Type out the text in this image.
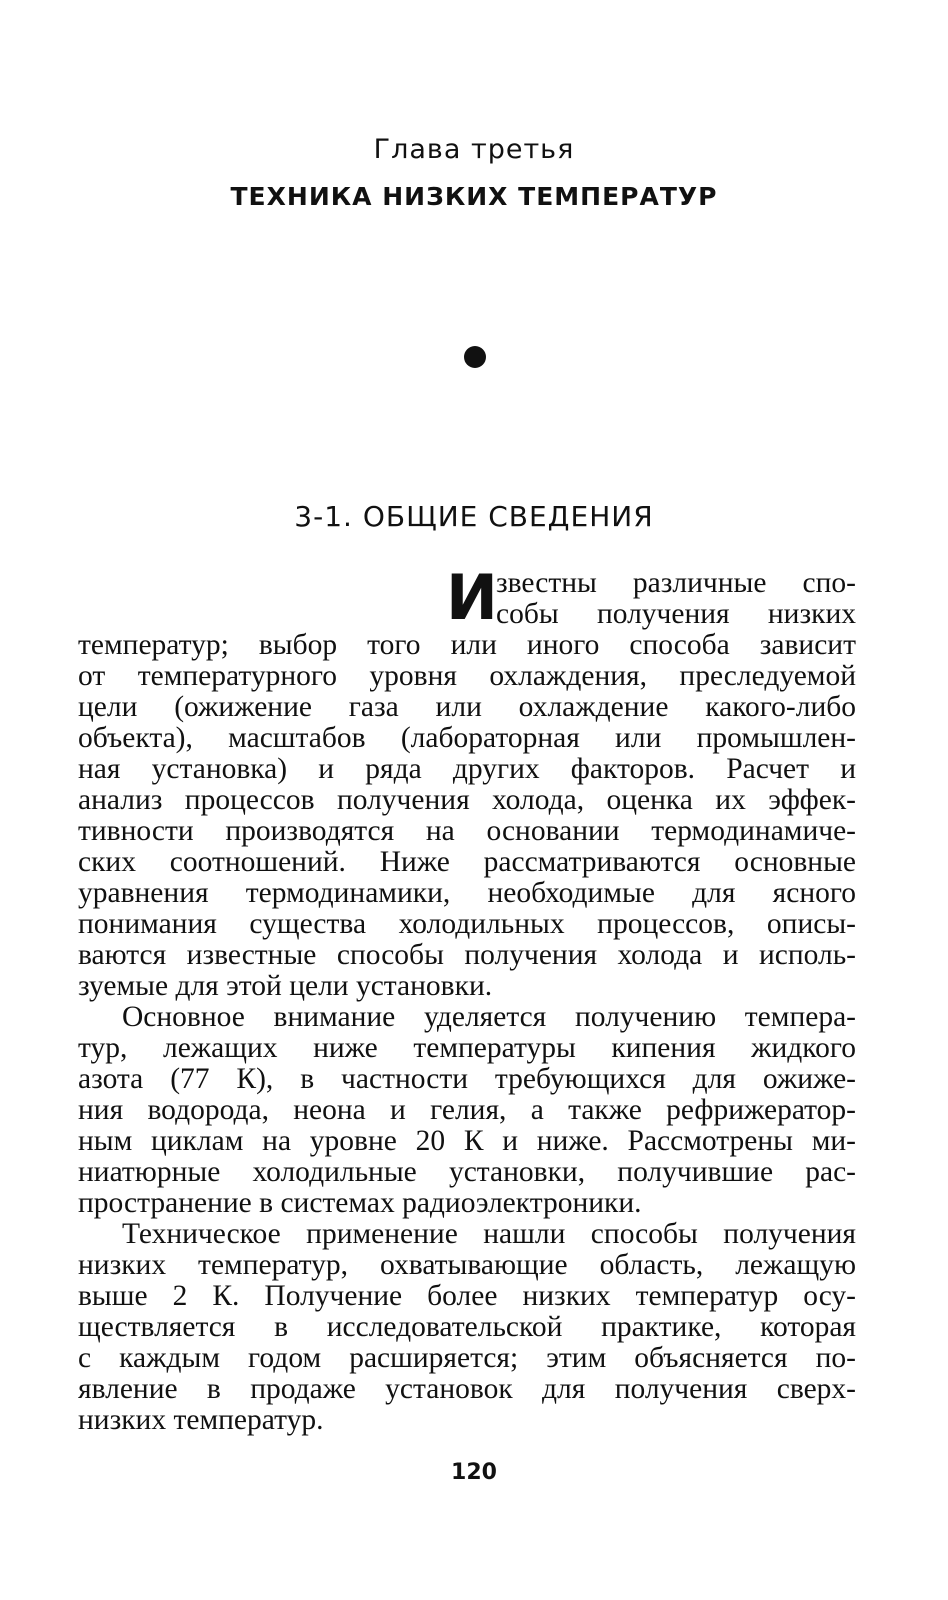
Глава третья
ТЕХНИКА НИЗКИХ ТЕМПЕРАТУР
3-1. ОБЩИЕ СВЕДЕНИЯ
И
звестны различные спо-
собы получения низких
температур; выбор того или иного способа зависит
от температурного уровня охлаждения, преследуемой
цели (ожижение газа или охлаждение какого-либо
объекта), масштабов (лабораторная или промышлен-
ная установка) и ряда других факторов. Расчет и
анализ процессов получения холода, оценка их эффек-
тивности производятся на основании термодинамиче-
ских соотношений. Ниже рассматриваются основные
уравнения термодинамики, необходимые для ясного
понимания существа холодильных процессов, описы-
ваются известные способы получения холода и исполь-
зуемые для этой цели установки.
Основное внимание уделяется получению темпера-
тур, лежащих ниже температуры кипения жидкого
азота (77 К), в частности требующихся для ожиже-
ния водорода, неона и гелия, а также рефрижератор-
ным циклам на уровне 20 К и ниже. Рассмотрены ми-
ниатюрные холодильные установки, получившие рас-
пространение в системах радиоэлектроники.
Техническое применение нашли способы получения
низких температур, охватывающие область, лежащую
выше 2 К. Получение более низких температур осу-
ществляется в исследовательской практике, которая
с каждым годом расширяется; этим объясняется по-
явление в продаже установок для получения сверх-
низких температур.
120
